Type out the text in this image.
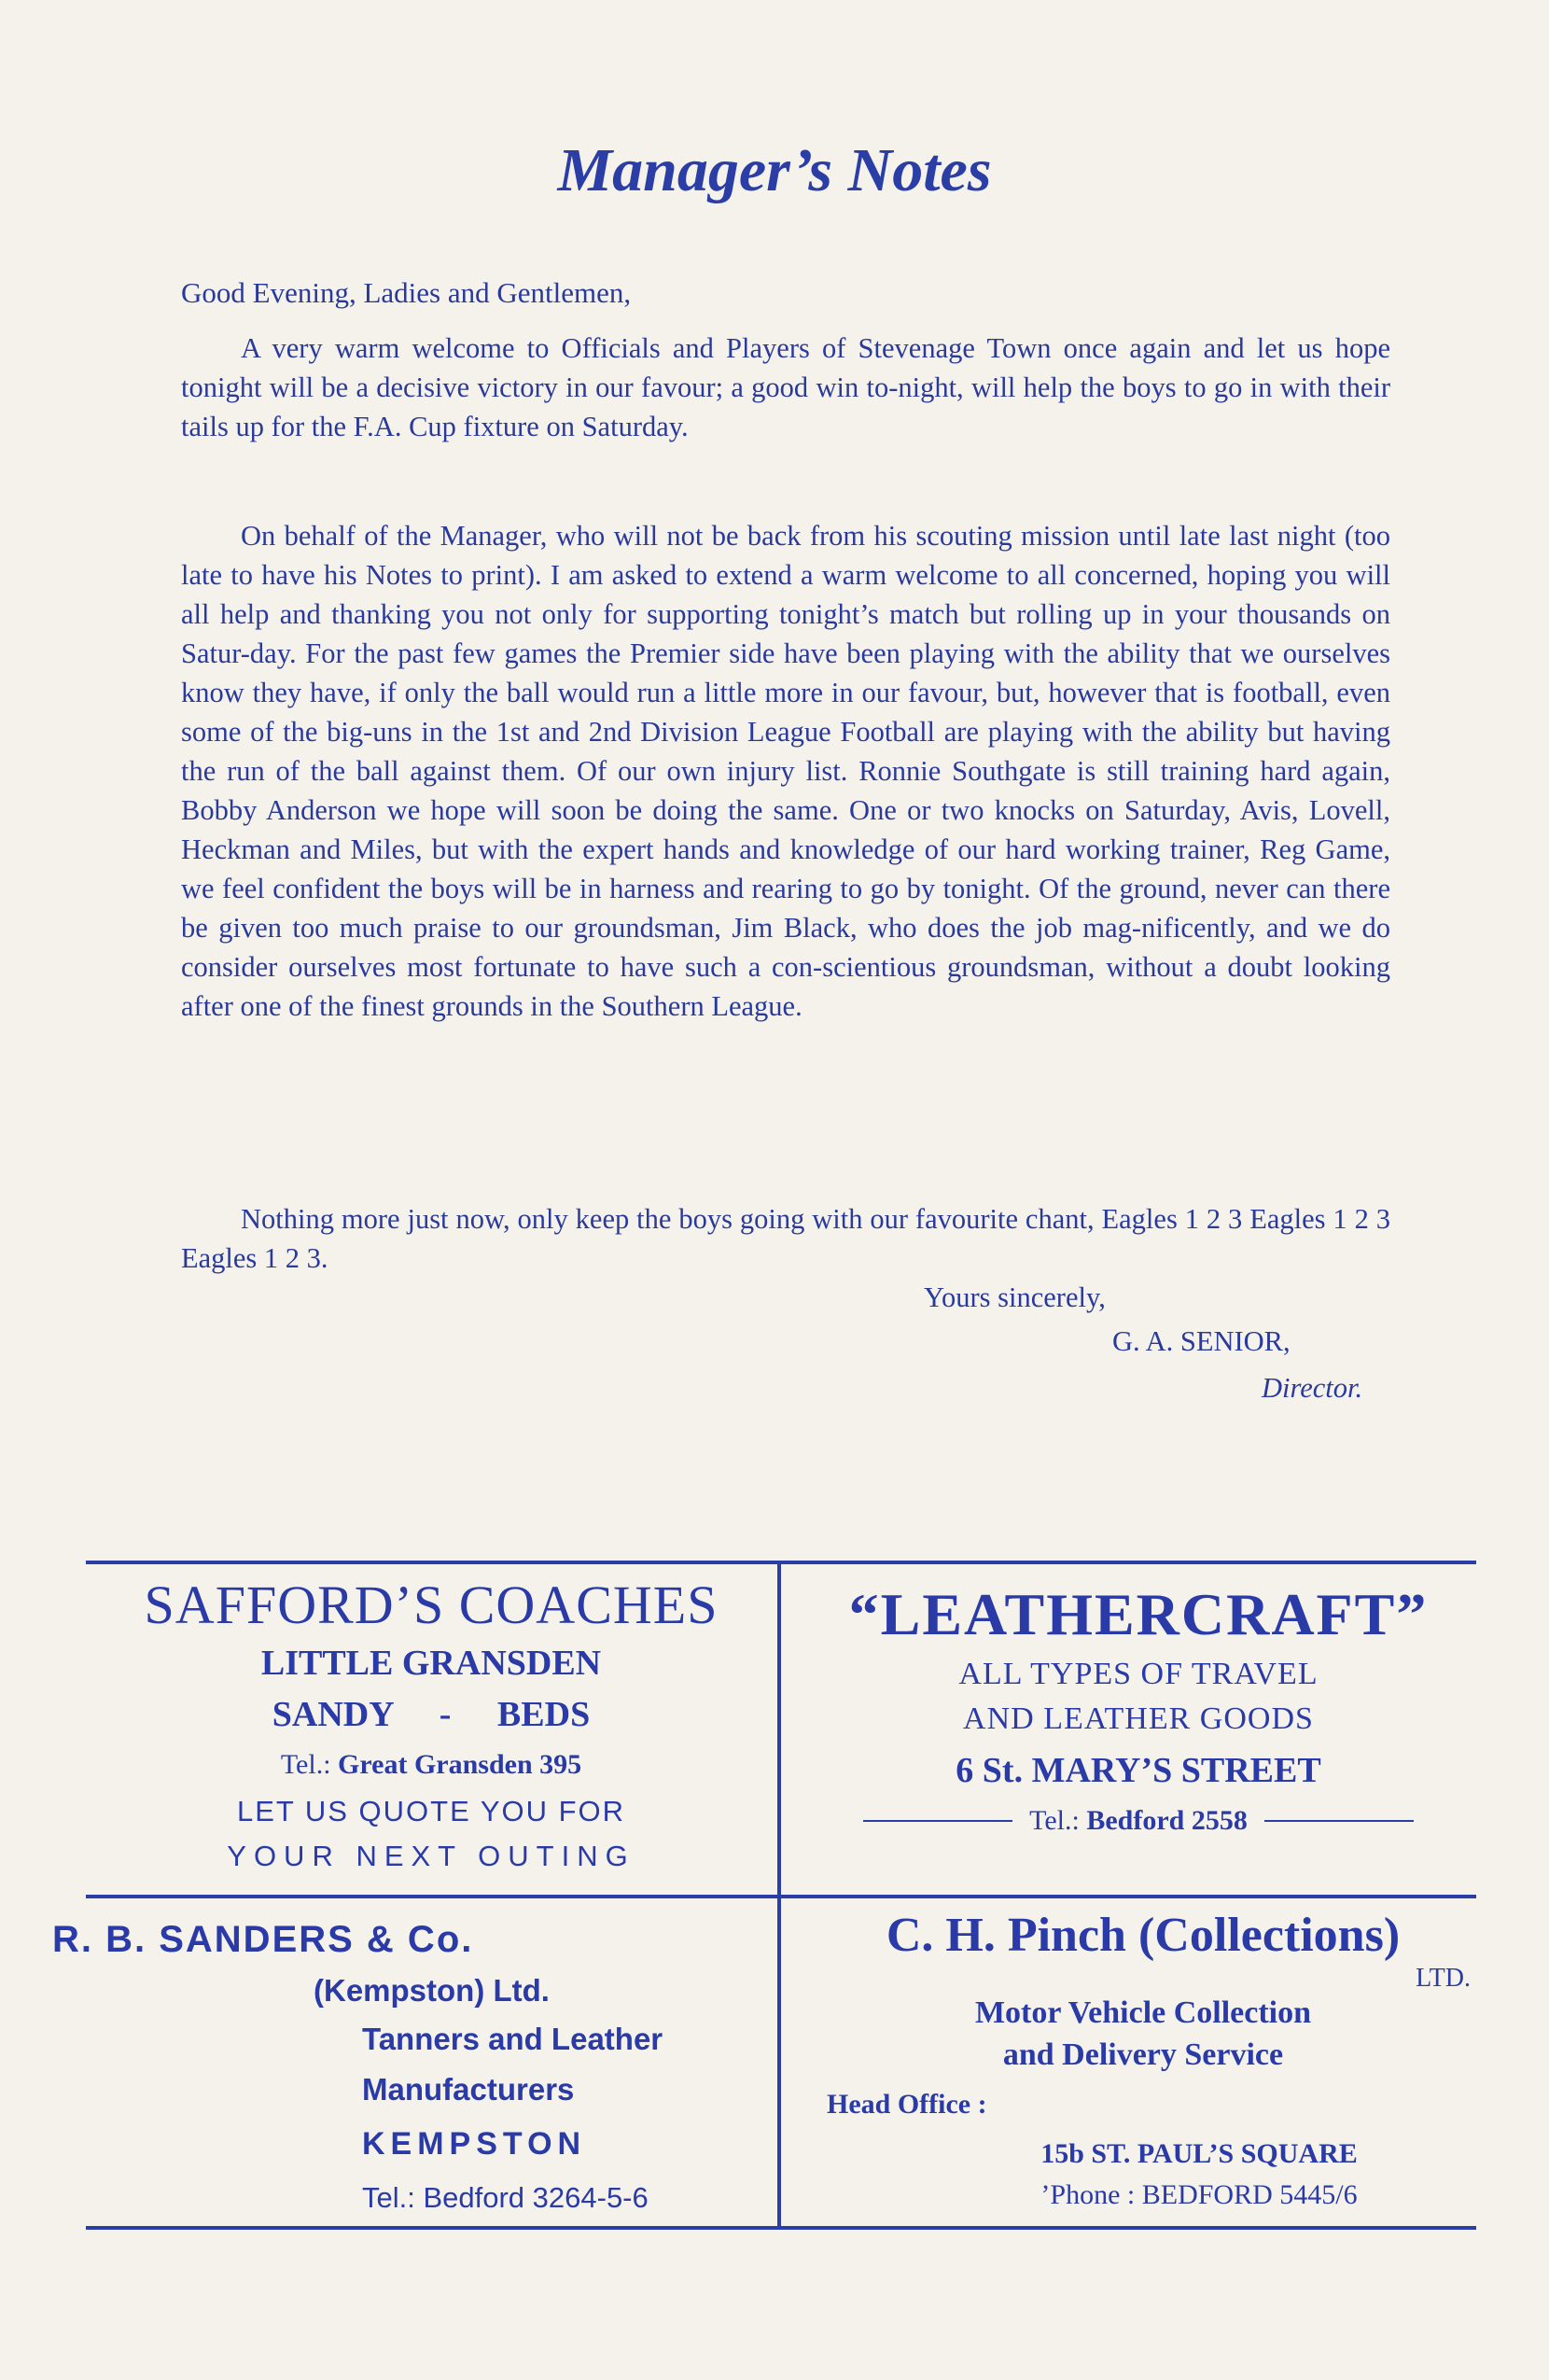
Manager’s Notes
Good Evening, Ladies and Gentlemen,

A very warm welcome to Officials and Players of Stevenage Town once again and let us hope tonight will be a decisive victory in our favour; a good win to-night, will help the boys to go in with their tails up for the F.A. Cup fixture on Saturday.

On behalf of the Manager, who will not be back from his scouting mission until late last night (too late to have his Notes to print). I am asked to extend a warm welcome to all concerned, hoping you will all help and thanking you not only for supporting tonight’s match but rolling up in your thousands on Satur-day. For the past few games the Premier side have been playing with the ability that we ourselves know they have, if only the ball would run a little more in our favour, but, however that is football, even some of the big-uns in the 1st and 2nd Division League Football are playing with the ability but having the run of the ball against them. Of our own injury list. Ronnie Southgate is still training hard again, Bobby Anderson we hope will soon be doing the same. One or two knocks on Saturday, Avis, Lovell, Heckman and Miles, but with the expert hands and knowledge of our hard working trainer, Reg Game, we feel confident the boys will be in harness and rearing to go by tonight. Of the ground, never can there be given too much praise to our groundsman, Jim Black, who does the job mag-nificently, and we do consider ourselves most fortunate to have such a con-scientious groundsman, without a doubt looking after one of the finest grounds in the Southern League.

Nothing more just now, only keep the boys going with our favourite chant, Eagles 1 2 3 Eagles 1 2 3 Eagles 1 2 3.

Yours sincerely,
G. A. SENIOR,
Director.
SAFFORD’S COACHES
LITTLE GRANSDEN
SANDY - BEDS
Tel.: Great Gransden 395
LET US QUOTE YOU FOR
YOUR NEXT OUTING
“LEATHERCRAFT”
ALL TYPES OF TRAVEL
AND LEATHER GOODS
6 St. MARY’S STREET
Tel.:
Bedford 2558
R. B. SANDERS & Co.
(Kempston) Ltd.
Tanners and Leather
Manufacturers
KEMPSTON
Tel.: Bedford 3264-5-6
C. H. Pinch (Collections)
LTD.
Motor Vehicle Collection
and Delivery Service
Head Office :
15b ST. PAUL’S SQUARE
’Phone : BEDFORD 5445/6
